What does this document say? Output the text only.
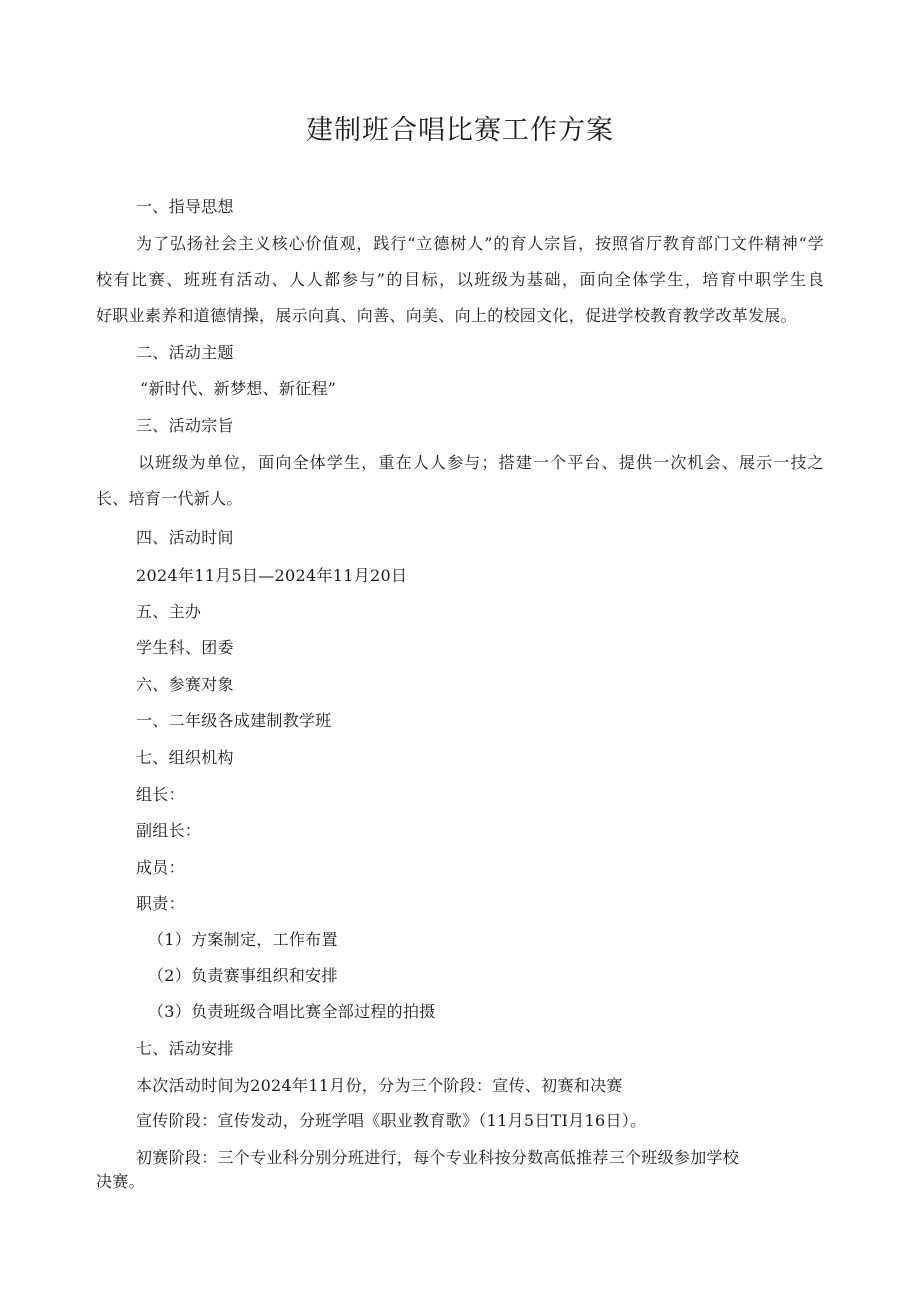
建制班合唱比赛工作方案
一、指导思想
为了弘扬社会主义核心价值观，践行“立德树人”的育人宗旨，按照省厅教育部门文件精神“学
校有比赛、班班有活动、人人都参与”的目标，以班级为基础，面向全体学生，培育中职学生良
好职业素养和道德情操，展示向真、向善、向美、向上的校园文化，促进学校教育教学改革发展。
二、活动主题
“新时代、新梦想、新征程”
三、活动宗旨
以班级为单位，面向全体学生，重在人人参与；搭建一个平台、提供一次机会、展示一技之
长、培育一代新人。
四、活动时间
2024年11月5日—2024年11月20日
五、主办
学生科、团委
六、参赛对象
一、二年级各成建制教学班
七、组织机构
组长：
副组长：
成员：
职责：
（1）方案制定，工作布置
（2）负责赛事组织和安排
（3）负责班级合唱比赛全部过程的拍摄
七、活动安排
本次活动时间为2024年11月份，分为三个阶段：宣传、初赛和决赛
宣传阶段：宣传发动，分班学唱《职业教育歌》（11月5日TI月16日）。
初赛阶段：三个专业科分别分班进行，每个专业科按分数高低推荐三个班级参加学校
决赛。
